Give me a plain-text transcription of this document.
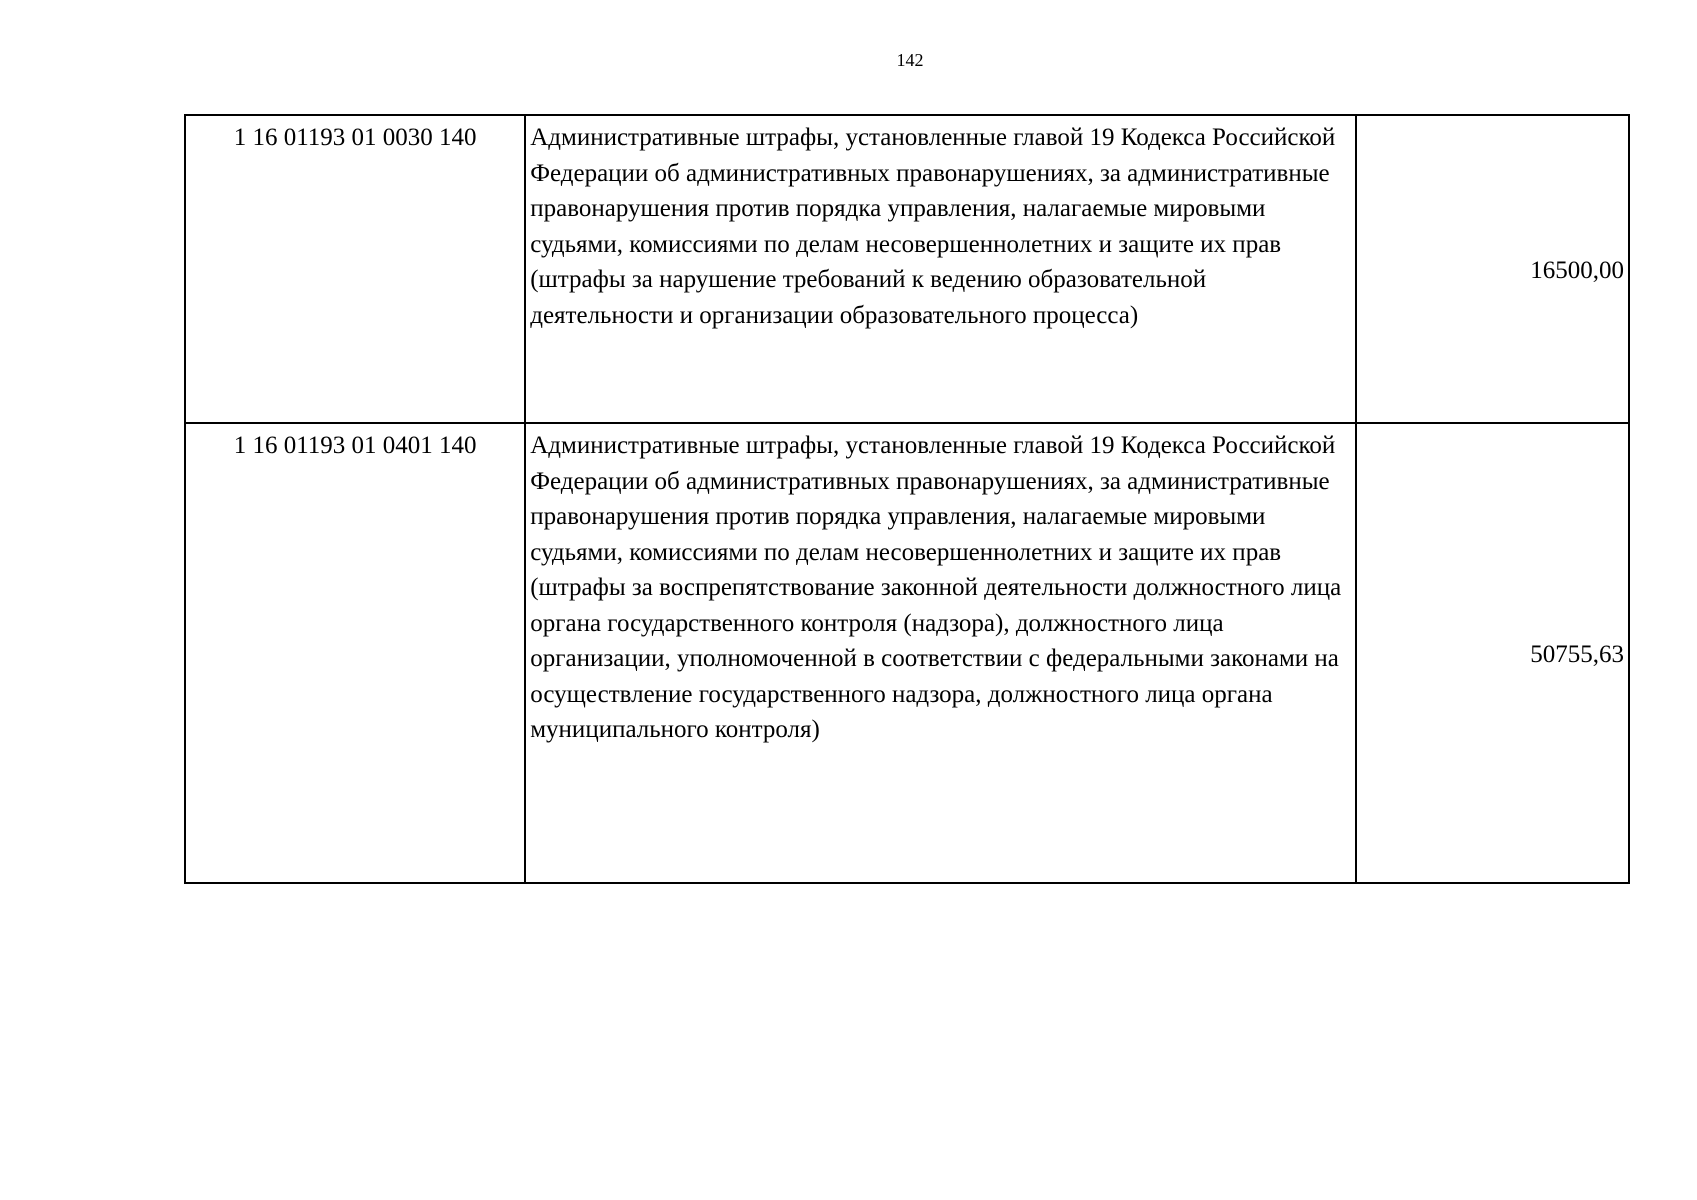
142
1 16 01193 01 0030 140	Административные штрафы, установленные главой 19 Кодекса Российской Федерации об административных правонарушениях, за административные правонарушения против порядка управления, налагаемые мировыми судьями, комиссиями по делам несовершеннолетних и защите их прав (штрафы за нарушение требований к ведению образовательной деятельности и организации образовательного процесса)	16500,00
1 16 01193 01 0401 140	Административные штрафы, установленные главой 19 Кодекса Российской Федерации об административных правонарушениях, за административные правонарушения против порядка управления, налагаемые мировыми судьями, комиссиями по делам несовершеннолетних и защите их прав (штрафы за воспрепятствование законной деятельности должностного лица органа государственного контроля (надзора), должностного лица организации, уполномоченной в соответствии с федеральными законами на осуществление государственного надзора, должностного лица органа муниципального контроля)	50755,63
